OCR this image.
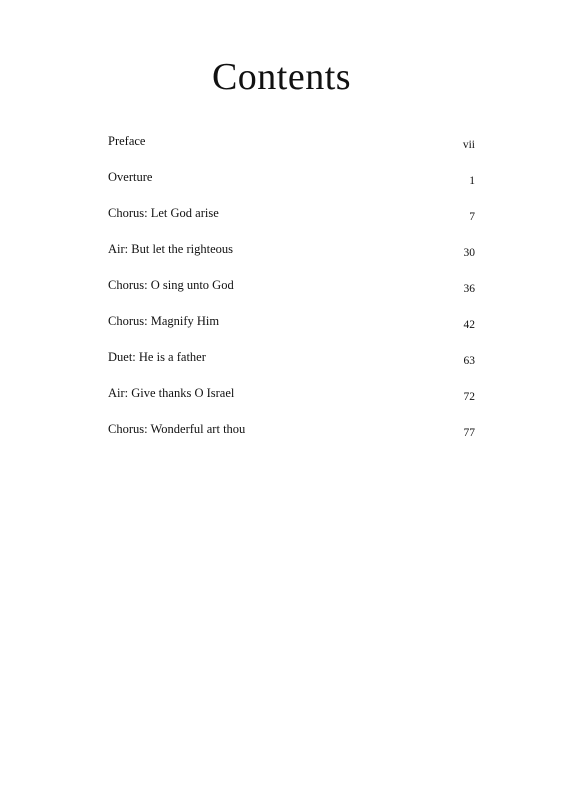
Contents
Preface	vii
Overture	1
Chorus: Let God arise	7
Air: But let the righteous	30
Chorus: O sing unto God	36
Chorus: Magnify Him	42
Duet: He is a father	63
Air: Give thanks O Israel	72
Chorus: Wonderful art thou	77
